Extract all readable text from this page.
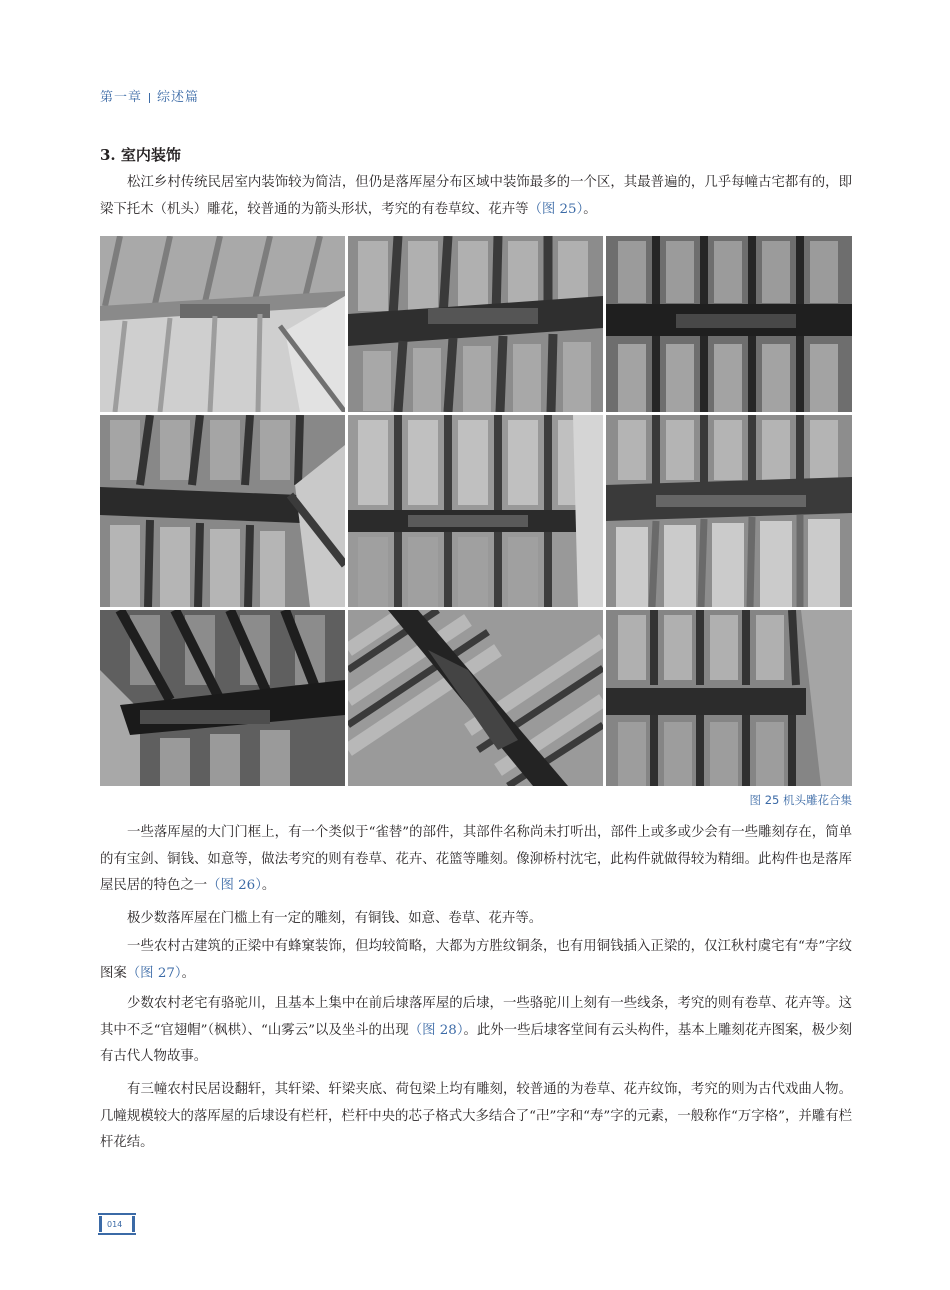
第一章 综述篇
3. 室内装饰
松江乡村传统民居室内装饰较为简洁，但仍是落厍屋分布区域中装饰最多的一个区，其最普遍的，几乎每幢古宅都有的，即梁下托木（机头）雕花，较普通的为箭头形状，考究的有卷草纹、花卉等（图 25）。
图 25 机头雕花合集
一些落厍屋的大门门框上，有一个类似于“雀替”的部件，其部件名称尚未打听出，部件上或多或少会有一些雕刻存在，简单的有宝剑、铜钱、如意等，做法考究的则有卷草、花卉、花篮等雕刻。像泖桥村沈宅，此构件就做得较为精细。此构件也是落厍屋民居的特色之一（图 26）。
极少数落厍屋在门槛上有一定的雕刻，有铜钱、如意、卷草、花卉等。
一些农村古建筑的正梁中有蜂窠装饰，但均较简略，大都为方胜纹铜条，也有用铜钱插入正梁的，仅江秋村虞宅有“寿”字纹图案（图 27）。
少数农村老宅有骆驼川，且基本上集中在前后埭落厍屋的后埭，一些骆驼川上刻有一些线条，考究的则有卷草、花卉等。这其中不乏“官翅帽”（枫栱）、“山雾云”以及坐斗的出现（图 28）。此外一些后埭客堂间有云头构件，基本上雕刻花卉图案，极少刻有古代人物故事。
有三幢农村民居设翻轩，其轩梁、轩梁夹底、荷包梁上均有雕刻，较普通的为卷草、花卉纹饰，考究的则为古代戏曲人物。几幢规模较大的落厍屋的后埭设有栏杆，栏杆中央的芯子格式大多结合了“卍”字和“寿”字的元素，一般称作“万字格”，并雕有栏杆花结。
014
